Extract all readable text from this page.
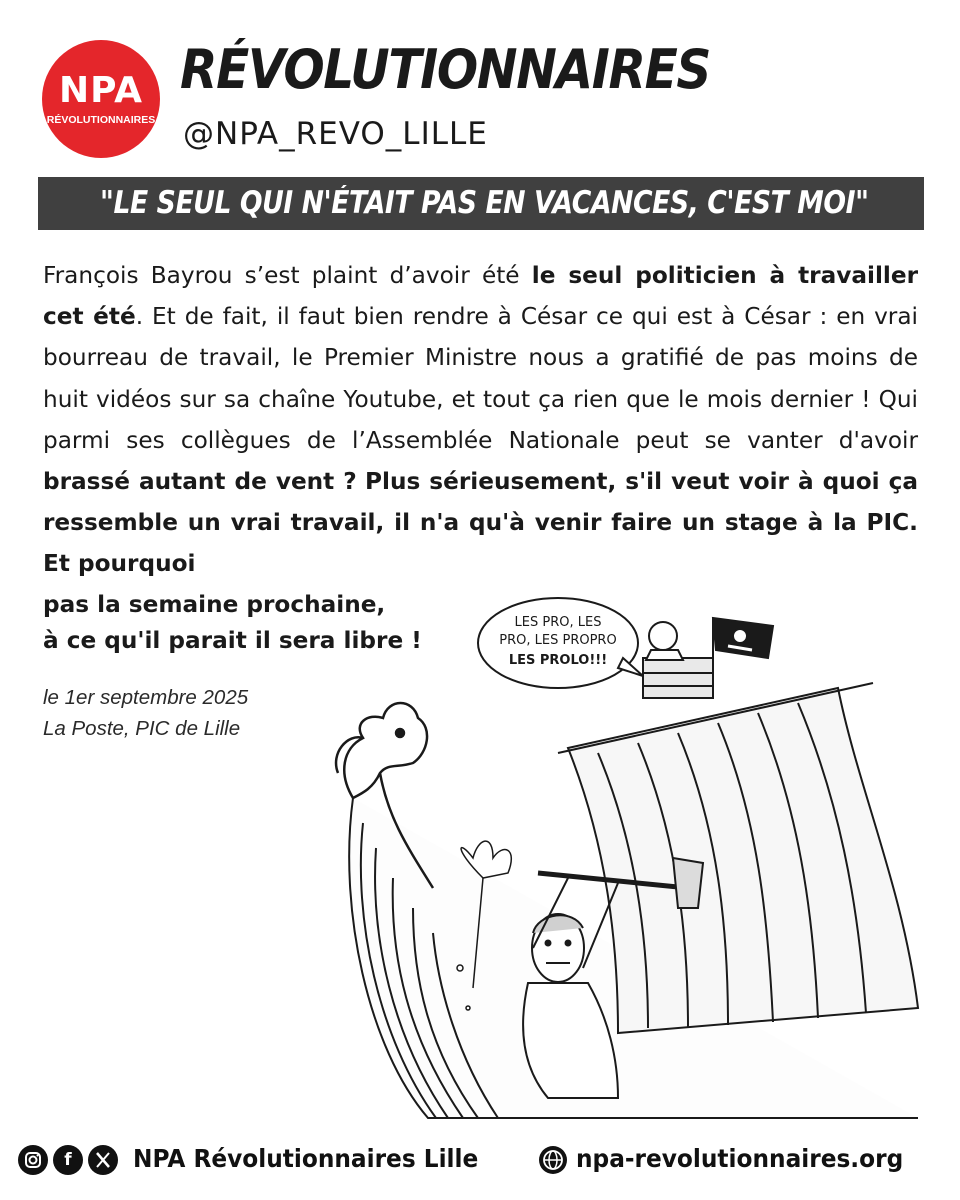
NPA
RÉVOLUTIONNAIRES
RÉVOLUTIONNAIRES
@NPA_REVO_LILLE
"LE SEUL QUI N'ÉTAIT PAS EN VACANCES, C'EST MOI"
François Bayrou s’est plaint d’avoir été le seul politicien à travailler cet été. Et de fait, il faut bien rendre à César ce qui est à César : en vrai bourreau de travail, le Premier Ministre nous a gratifié de pas moins de huit vidéos sur sa chaîne Youtube, et tout ça rien que le mois dernier ! Qui parmi ses collègues de l’Assemblée Nationale peut se vanter d'avoir brassé autant de vent ? Plus sérieusement, s'il veut voir à quoi ça ressemble un vrai travail, il n'a qu'à venir faire un stage à la PIC. Et pourquoi
pas la semaine prochaine,
à ce qu'il parait il sera libre !
le 1er septembre 2025
La Poste, PIC de Lille
LES PRO, LES
PRO, LES PROPRO
LES PROLO!!!
f	NPA Révolutionnaires Lille	npa-revolutionnaires.org
